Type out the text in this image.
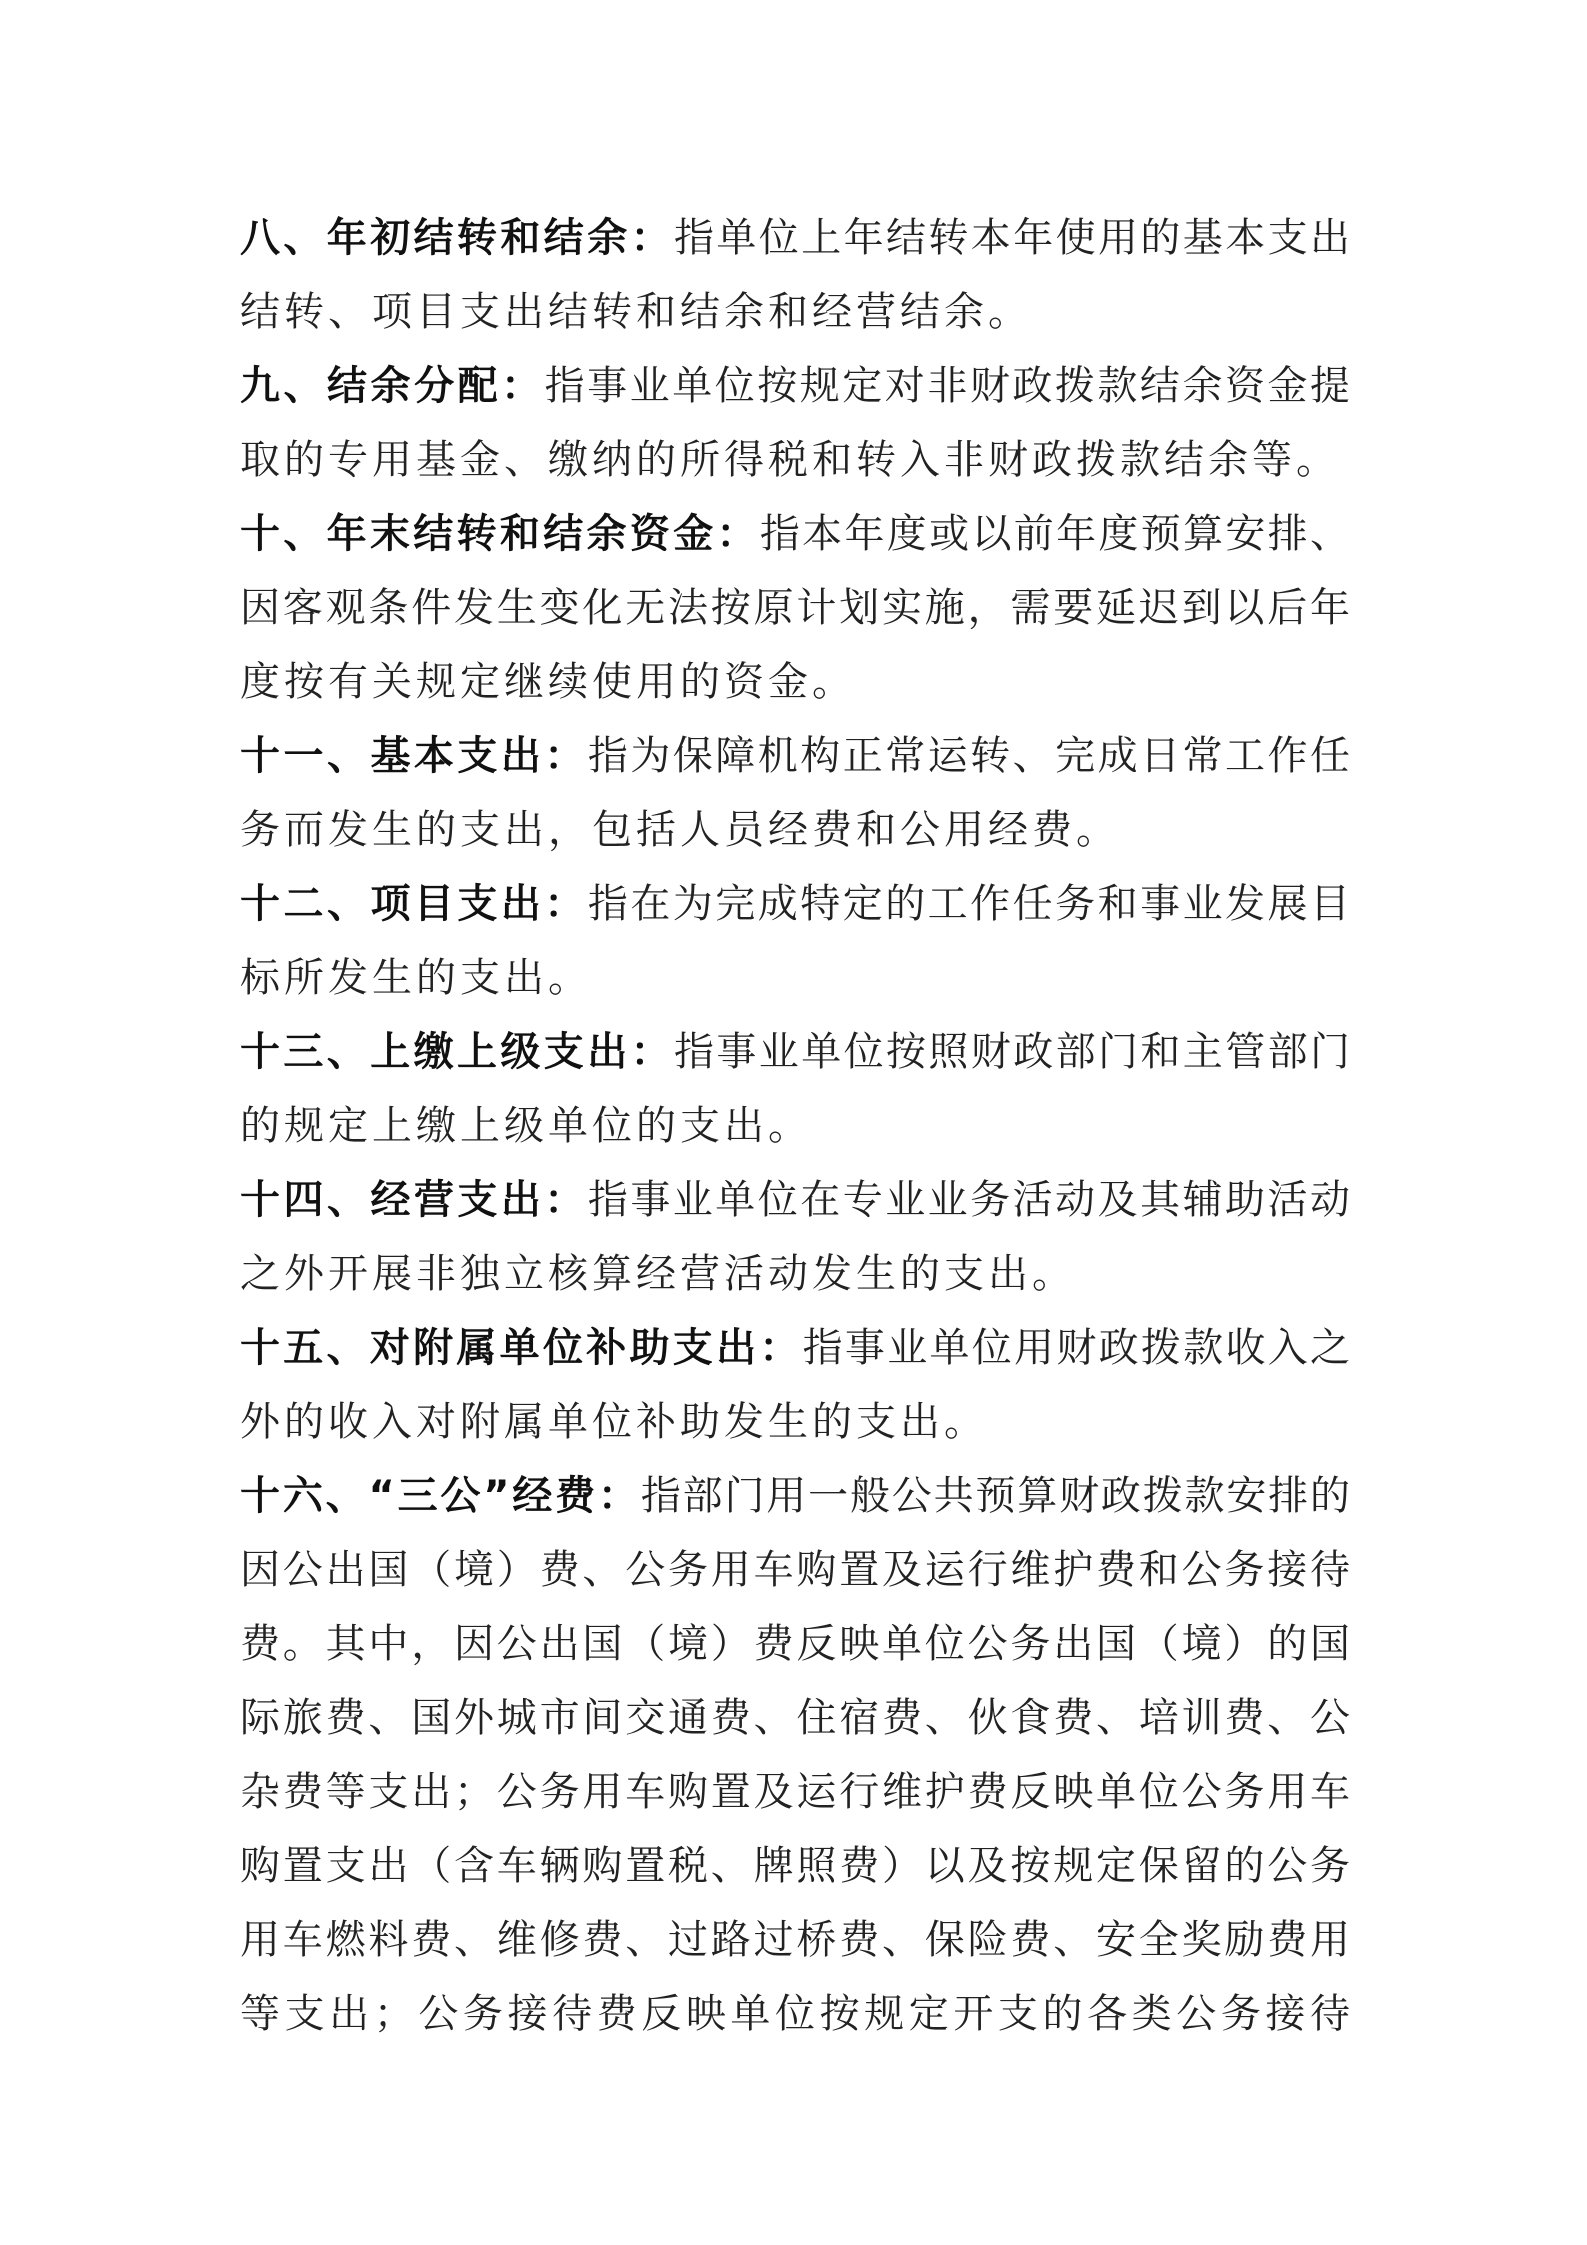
八、年初结转和结余：指单位上年结转本年使用的基本支出
结转、项目支出结转和结余和经营结余。
九、结余分配：指事业单位按规定对非财政拨款结余资金提
取的专用基金、缴纳的所得税和转入非财政拨款结余等。
十、年末结转和结余资金：指本年度或以前年度预算安排、
因客观条件发生变化无法按原计划实施，需要延迟到以后年
度按有关规定继续使用的资金。
十一、基本支出：指为保障机构正常运转、完成日常工作任
务而发生的支出，包括人员经费和公用经费。
十二、项目支出：指在为完成特定的工作任务和事业发展目
标所发生的支出。
十三、上缴上级支出：指事业单位按照财政部门和主管部门
的规定上缴上级单位的支出。
十四、经营支出：指事业单位在专业业务活动及其辅助活动
之外开展非独立核算经营活动发生的支出。
十五、对附属单位补助支出：指事业单位用财政拨款收入之
外的收入对附属单位补助发生的支出。
十六、“三公”经费：指部门用一般公共预算财政拨款安排的
因公出国（境）费、公务用车购置及运行维护费和公务接待
费。其中，因公出国（境）费反映单位公务出国（境）的国
际旅费、国外城市间交通费、住宿费、伙食费、培训费、公
杂费等支出；公务用车购置及运行维护费反映单位公务用车
购置支出（含车辆购置税、牌照费）以及按规定保留的公务
用车燃料费、维修费、过路过桥费、保险费、安全奖励费用
等支出；公务接待费反映单位按规定开支的各类公务接待
